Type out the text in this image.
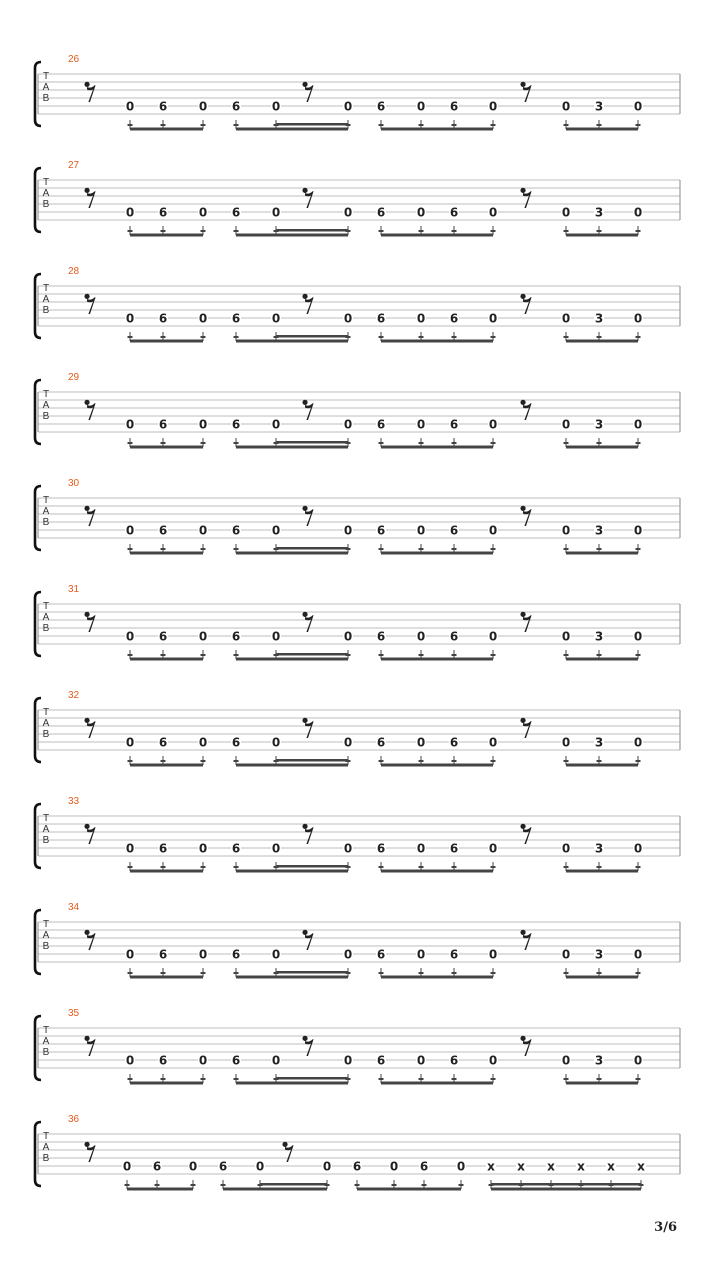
26
T
A
B
0 6	0 6	0	0 6	0 6	0	0 3	0
27
T
A
B
0 6	0 6	0	0 6	0 6	0	0 3	0
28
T
A
B
0 6	0 6	0	0 6	0 6	0	0 3	0
29
T
A
B
0 6	0 6	0	0 6	0 6	0	0 3	0
30
T
A
B
0 6	0 6	0	0 6	0 6	0	0 3	0
31
T
A
B
0 6	0 6	0	0 6	0 6	0	0 3	0
32
T
A
B
0 6	0 6	0	0 6	0 6	0	0 3	0
33
T
A
B
0 6	0 6	0	0 6	0 6	0	0 3	0
34
T
A
B
0 6	0 6	0	0 6	0 6	0	0 3	0
35
T
A
B
0 6	0 6	0	0 6	0 6	0	0 3	0
36
T
A
B
0 6 0 6 0	0 6 0 6 0 x x x x x x
3/6
